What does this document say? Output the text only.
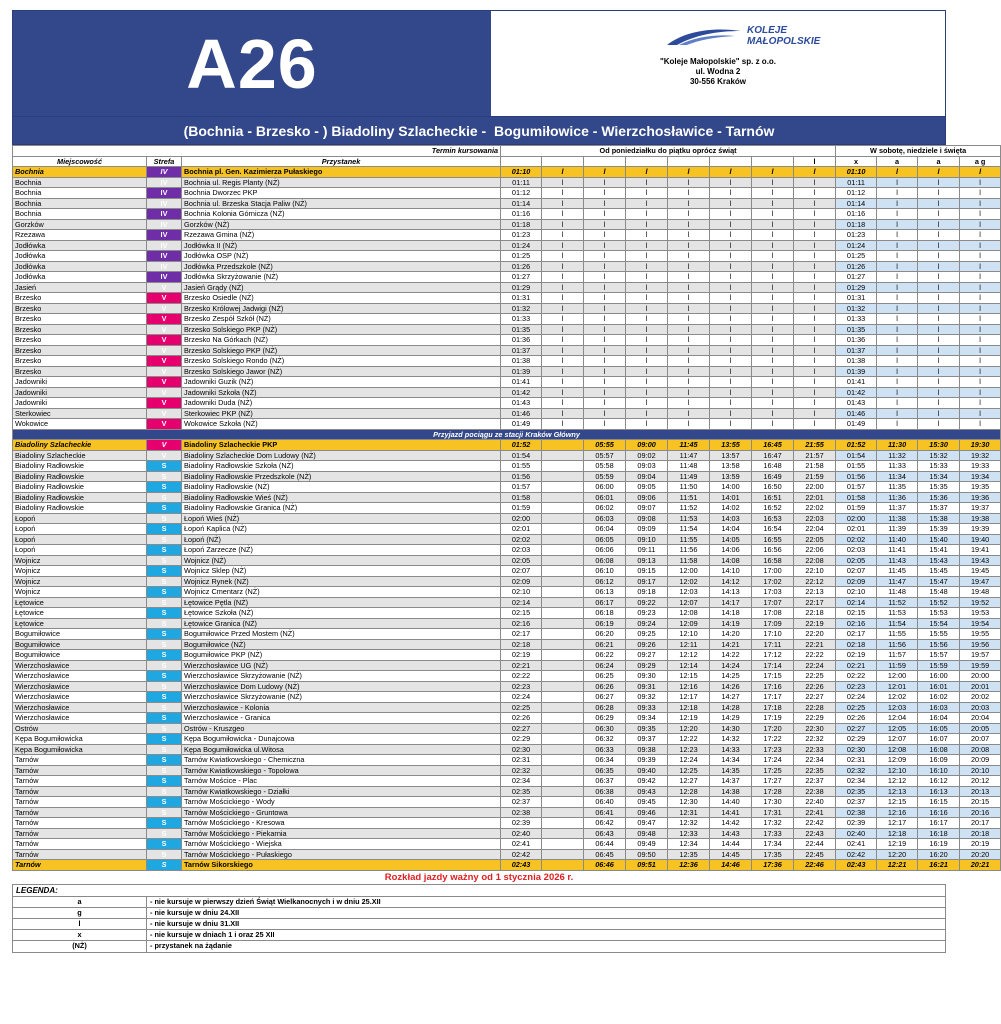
A26	KOLEJE MAŁOPOLSKIE
"Koleje Małopolskie" sp. z o.o.
ul. Wodna 2
30-556 Kraków
(Bochnia - Brzesko - ) Biadoliny Szlacheckie -  Bogumiłowice - Wierzchosławice - Tarnów
Termin kursowania			Od poniedziałku do piątku oprócz świąt								W sobotę, niedziele i święta			
Miejscowość	Strefa	Przystanek								l	x	a	a	a g
Bochnia	IV	Bochnia pl. Gen. Kazimierza Pułaskiego	01:10	l	l	l	l	l	l	l	01:10	l	l	l
Bochnia	IV	Bochnia ul. Regis Planty (NŻ)	01:11	l	l	l	l	l	l	l	01:11	l	l	l
Bochnia	IV	Bochnia Dworzec PKP	01:12	l	l	l	l	l	l	l	01:12	l	l	l
Bochnia	IV	Bochnia ul. Brzeska Stacja Paliw (NŻ)	01:14	l	l	l	l	l	l	l	01:14	l	l	l
Bochnia	IV	Bochnia Kolonia Górnicza (NŻ)	01:16	l	l	l	l	l	l	l	01:16	l	l	l
Gorzków	IV	Gorzków (NŻ)	01:18	l	l	l	l	l	l	l	01:18	l	l	l
Rzezawa	IV	Rzezawa Gmina (NŻ)	01:23	l	l	l	l	l	l	l	01:23	l	l	l
Jodłówka	IV	Jodłówka II (NŻ)	01:24	l	l	l	l	l	l	l	01:24	l	l	l
Jodłówka	IV	Jodłówka OSP (NŻ)	01:25	l	l	l	l	l	l	l	01:25	l	l	l
Jodłówka	IV	Jodłówka Przedszkole (NŻ)	01:26	l	l	l	l	l	l	l	01:26	l	l	l
Jodłówka	IV	Jodłówka Skrzyżowanie (NŻ)	01:27	l	l	l	l	l	l	l	01:27	l	l	l
Jasień	V	Jasień Grądy (NŻ)	01:29	l	l	l	l	l	l	l	01:29	l	l	l
Brzesko	V	Brzesko Osiedle (NŻ)	01:31	l	l	l	l	l	l	l	01:31	l	l	l
Brzesko	V	Brzesko Królowej Jadwigi (NŻ)	01:32	l	l	l	l	l	l	l	01:32	l	l	l
Brzesko	V	Brzesko Zespół Szkół (NŻ)	01:33	l	l	l	l	l	l	l	01:33	l	l	l
Brzesko	V	Brzesko Solskiego PKP (NŻ)	01:35	l	l	l	l	l	l	l	01:35	l	l	l
Brzesko	V	Brzesko Na Górkach (NŻ)	01:36	l	l	l	l	l	l	l	01:36	l	l	l
Brzesko	V	Brzesko Solskiego PKP (NŻ)	01:37	l	l	l	l	l	l	l	01:37	l	l	l
Brzesko	V	Brzesko Solskiego Rondo (NŻ)	01:38	l	l	l	l	l	l	l	01:38	l	l	l
Brzesko	V	Brzesko Solskiego Jawor (NŻ)	01:39	l	l	l	l	l	l	l	01:39	l	l	l
Jadowniki	V	Jadowniki Guzik (NŻ)	01:41	l	l	l	l	l	l	l	01:41	l	l	l
Jadowniki	V	Jadowniki Szkoła (NŻ)	01:42	l	l	l	l	l	l	l	01:42	l	l	l
Jadowniki	V	Jadowniki Duda (NŻ)	01:43	l	l	l	l	l	l	l	01:43	l	l	l
Sterkowiec	V	Sterkowiec PKP (NŻ)	01:46	l	l	l	l	l	l	l	01:46	l	l	l
Wokowice	V	Wokowice Szkoła (NŻ)	01:49	l	l	l	l	l	l	l	01:49	l	l	l
Przyjazd pociągu ze stacji Kraków Główny														
Biadoliny Szlacheckie	V	Biadoliny Szlacheckie PKP	01:52		05:55	09:00	11:45	13:55	16:45	21:55	01:52	11:30	15:30	19:30
Biadoliny Szlacheckie	V	Biadoliny Szlacheckie Dom Ludowy (NŻ)	01:54		05:57	09:02	11:47	13:57	16:47	21:57	01:54	11:32	15:32	19:32
Biadoliny Radłowskie	S	Biadoliny Radłowskie Szkoła (NŻ)	01:55		05:58	09:03	11:48	13:58	16:48	21:58	01:55	11:33	15:33	19:33
Biadoliny Radłowskie	S	Biadoliny Radłowskie Przedszkole (NŻ)	01:56		05:59	09:04	11:49	13:59	16:49	21:59	01:56	11:34	15:34	19:34
Biadoliny Radłowskie	S	Biadoliny Radłowskie (NŻ)	01:57		06:00	09:05	11:50	14:00	16:50	22:00	01:57	11:35	15:35	19:35
Biadoliny Radłowskie	S	Biadoliny Radłowskie Wieś (NŻ)	01:58		06:01	09:06	11:51	14:01	16:51	22:01	01:58	11:36	15:36	19:36
Biadoliny Radłowskie	S	Biadoliny Radłowskie Granica (NŻ)	01:59		06:02	09:07	11:52	14:02	16:52	22:02	01:59	11:37	15:37	19:37
Łopoń	S	Łopoń Wieś (NŻ)	02:00		06:03	09:08	11:53	14:03	16:53	22:03	02:00	11:38	15:38	19:38
Łopoń	S	Łopoń Kaplica (NŻ)	02:01		06:04	09:09	11:54	14:04	16:54	22:04	02:01	11:39	15:39	19:39
Łopoń	S	Łopoń (NŻ)	02:02		06:05	09:10	11:55	14:05	16:55	22:05	02:02	11:40	15:40	19:40
Łopoń	S	Łopoń Zarzecze (NŻ)	02:03		06:06	09:11	11:56	14:06	16:56	22:06	02:03	11:41	15:41	19:41
Wojnicz	S	Wojnicz (NŻ)	02:05		06:08	09:13	11:58	14:08	16:58	22:08	02:05	11:43	15:43	19:43
Wojnicz	S	Wojnicz Sklep (NŻ)	02:07		06:10	09:15	12:00	14:10	17:00	22:10	02:07	11:45	15:45	19:45
Wojnicz	S	Wojnicz Rynek (NŻ)	02:09		06:12	09:17	12:02	14:12	17:02	22:12	02:09	11:47	15:47	19:47
Wojnicz	S	Wojnicz Cmentarz (NŻ)	02:10		06:13	09:18	12:03	14:13	17:03	22:13	02:10	11:48	15:48	19:48
Łętowice	S	Łętowice Pętla (NŻ)	02:14		06:17	09:22	12:07	14:17	17:07	22:17	02:14	11:52	15:52	19:52
Łętowice	S	Łętowice Szkoła (NŻ)	02:15		06:18	09:23	12:08	14:18	17:08	22:18	02:15	11:53	15:53	19:53
Łętowice	S	Łętowice Granica (NŻ)	02:16		06:19	09:24	12:09	14:19	17:09	22:19	02:16	11:54	15:54	19:54
Bogumiłowice	S	Bogumiłowice Przed Mostem (NŻ)	02:17		06:20	09:25	12:10	14:20	17:10	22:20	02:17	11:55	15:55	19:55
Bogumiłowice	S	Bogumiłowice (NŻ)	02:18		06:21	09:26	12:11	14:21	17:11	22:21	02:18	11:56	15:56	19:56
Bogumiłowice	S	Bogumiłowice PKP (NŻ)	02:19		06:22	09:27	12:12	14:22	17:12	22:22	02:19	11:57	15:57	19:57
Wierzchosławice	S	Wierzchosławice UG (NŻ)	02:21		06:24	09:29	12:14	14:24	17:14	22:24	02:21	11:59	15:59	19:59
Wierzchosławice	S	Wierzchosławice Skrzyżowanie (NŻ)	02:22		06:25	09:30	12:15	14:25	17:15	22:25	02:22	12:00	16:00	20:00
Wierzchosławice	S	Wierzchosławice Dom Ludowy (NŻ)	02:23		06:26	09:31	12:16	14:26	17:16	22:26	02:23	12:01	16:01	20:01
Wierzchosławice	S	Wierzchosławice Skrzyżowanie (NŻ)	02:24		06:27	09:32	12:17	14:27	17:17	22:27	02:24	12:02	16:02	20:02
Wierzchosławice	S	Wierzchosławice - Kolonia	02:25		06:28	09:33	12:18	14:28	17:18	22:28	02:25	12:03	16:03	20:03
Wierzchosławice	S	Wierzchosławice - Granica	02:26		06:29	09:34	12:19	14:29	17:19	22:29	02:26	12:04	16:04	20:04
Ostrów	S	Ostrów - Kruszgeo	02:27		06:30	09:35	12:20	14:30	17:20	22:30	02:27	12:05	16:05	20:05
Kępa Bogumiłowicka	S	Kępa Bogumiłowicka - Dunajcowa	02:29		06:32	09:37	12:22	14:32	17:22	22:32	02:29	12:07	16:07	20:07
Kępa Bogumiłowicka	S	Kępa Bogumiłowicka ul.Witosa	02:30		06:33	09:38	12:23	14:33	17:23	22:33	02:30	12:08	16:08	20:08
Tarnów	S	Tarnów Kwiatkowskiego - Chemiczna	02:31		06:34	09:39	12:24	14:34	17:24	22:34	02:31	12:09	16:09	20:09
Tarnów	S	Tarnów Kwiatkowskiego - Topolowa	02:32		06:35	09:40	12:25	14:35	17:25	22:35	02:32	12:10	16:10	20:10
Tarnów	S	Tarnów Mościce - Plac	02:34		06:37	09:42	12:27	14:37	17:27	22:37	02:34	12:12	16:12	20:12
Tarnów	S	Tarnów Kwiatkowskiego - Działki	02:35		06:38	09:43	12:28	14:38	17:28	22:38	02:35	12:13	16:13	20:13
Tarnów	S	Tarnów Mościckiego - Wody	02:37		06:40	09:45	12:30	14:40	17:30	22:40	02:37	12:15	16:15	20:15
Tarnów	S	Tarnów Mościckiego - Gruntowa	02:38		06:41	09:46	12:31	14:41	17:31	22:41	02:38	12:16	16:16	20:16
Tarnów	S	Tarnów Mościckiego - Kresowa	02:39		06:42	09:47	12:32	14:42	17:32	22:42	02:39	12:17	16:17	20:17
Tarnów	S	Tarnów Mościckiego - Piekarnia	02:40		06:43	09:48	12:33	14:43	17:33	22:43	02:40	12:18	16:18	20:18
Tarnów	S	Tarnów Mościckiego - Wiejska	02:41		06:44	09:49	12:34	14:44	17:34	22:44	02:41	12:19	16:19	20:19
Tarnów	S	Tarnów Mościckiego - Pułaskiego	02:42		06:45	09:50	12:35	14:45	17:35	22:45	02:42	12:20	16:20	20:20
Tarnów	S	Tarnów Sikorskiego	02:43		06:46	09:51	12:36	14:46	17:36	22:46	02:43	12:21	16:21	20:21
Rozkład jazdy ważny od 1 stycznia 2026 r.
LEGENDA:
a	- nie kursuje w pierwszy dzień Świąt Wielkanocnych i w dniu 25.XII
g	- nie kursuje w dniu 24.XII
l	- nie kursuje w dniu 31.XII
x	- nie kursuje w dniach 1 i oraz 25 XII
(NŻ)	- przystanek na żądanie
